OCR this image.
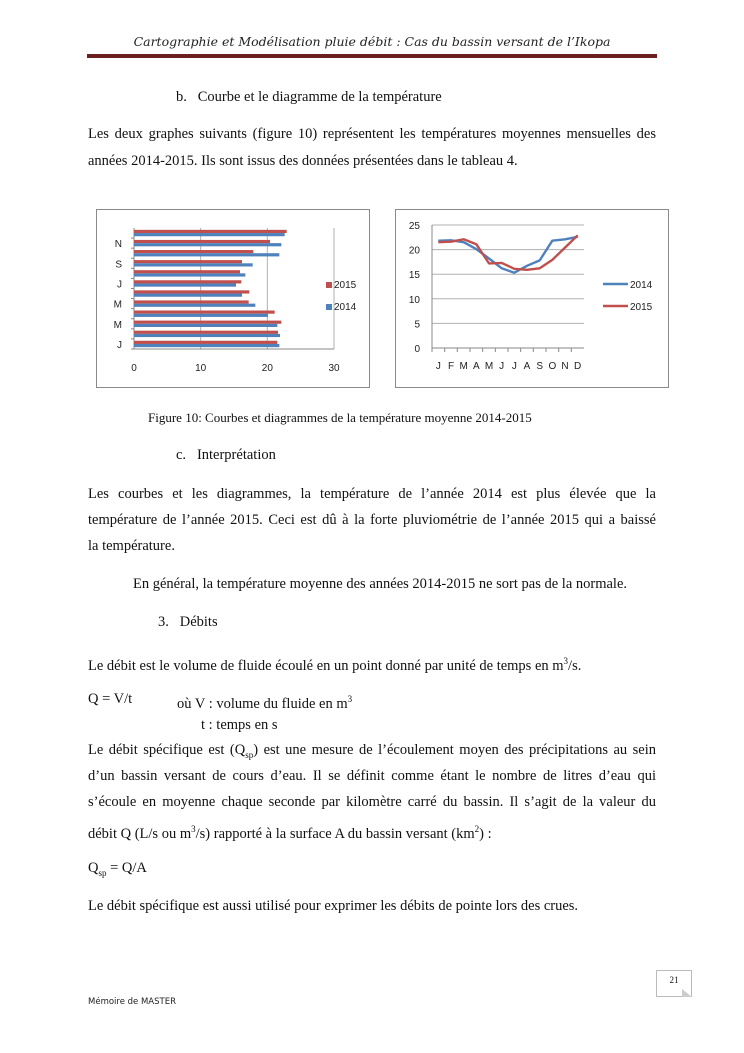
Cartographie et Modélisation pluie débit : Cas du bassin versant de l’Ikopa
b. Courbe et le diagramme de la température
Les deux graphes suivants (figure 10) représentent les températures moyennes mensuelles des
années 2014-2015. Ils sont issus des données présentées dans le tableau 4.
0	10	20	30
J
M
M
J
S
N
2015
2014
0
5
10
15
20
25
J F M A M J J A S O N D
2014
2015
Figure 10: Courbes et diagrammes de la température moyenne 2014-2015
c. Interprétation
Les courbes et les diagrammes, la température de l’année 2014 est plus élevée que la
température de l’année 2015. Ceci est dû à la forte pluviométrie de l’année 2015 qui a baissé
la température.
En général, la température moyenne des années 2014-2015 ne sort pas de la normale.
3. Débits
Le débit est le volume de fluide écoulé en un point donné par unité de temps en $m^3/s$.
Q = V/t	où V : volume du fluide en $m^3$
t : temps en s
Le débit spécifique est $(Q_{sp})$ est une mesure de l’écoulement moyen des précipitations au sein
d’un bassin versant de cours d’eau. Il se définit comme étant le nombre de litres d’eau qui
s’écoule en moyenne chaque seconde par kilomètre carré du bassin. Il s’agit de la valeur du
débit Q (L/s ou $m^3/s$) rapporté à la surface A du bassin versant $(km^2)$ :
$Q_{sp} = Q/A$
Le débit spécifique est aussi utilisé pour exprimer les débits de pointe lors des crues.
21
Mémoire de MASTER
